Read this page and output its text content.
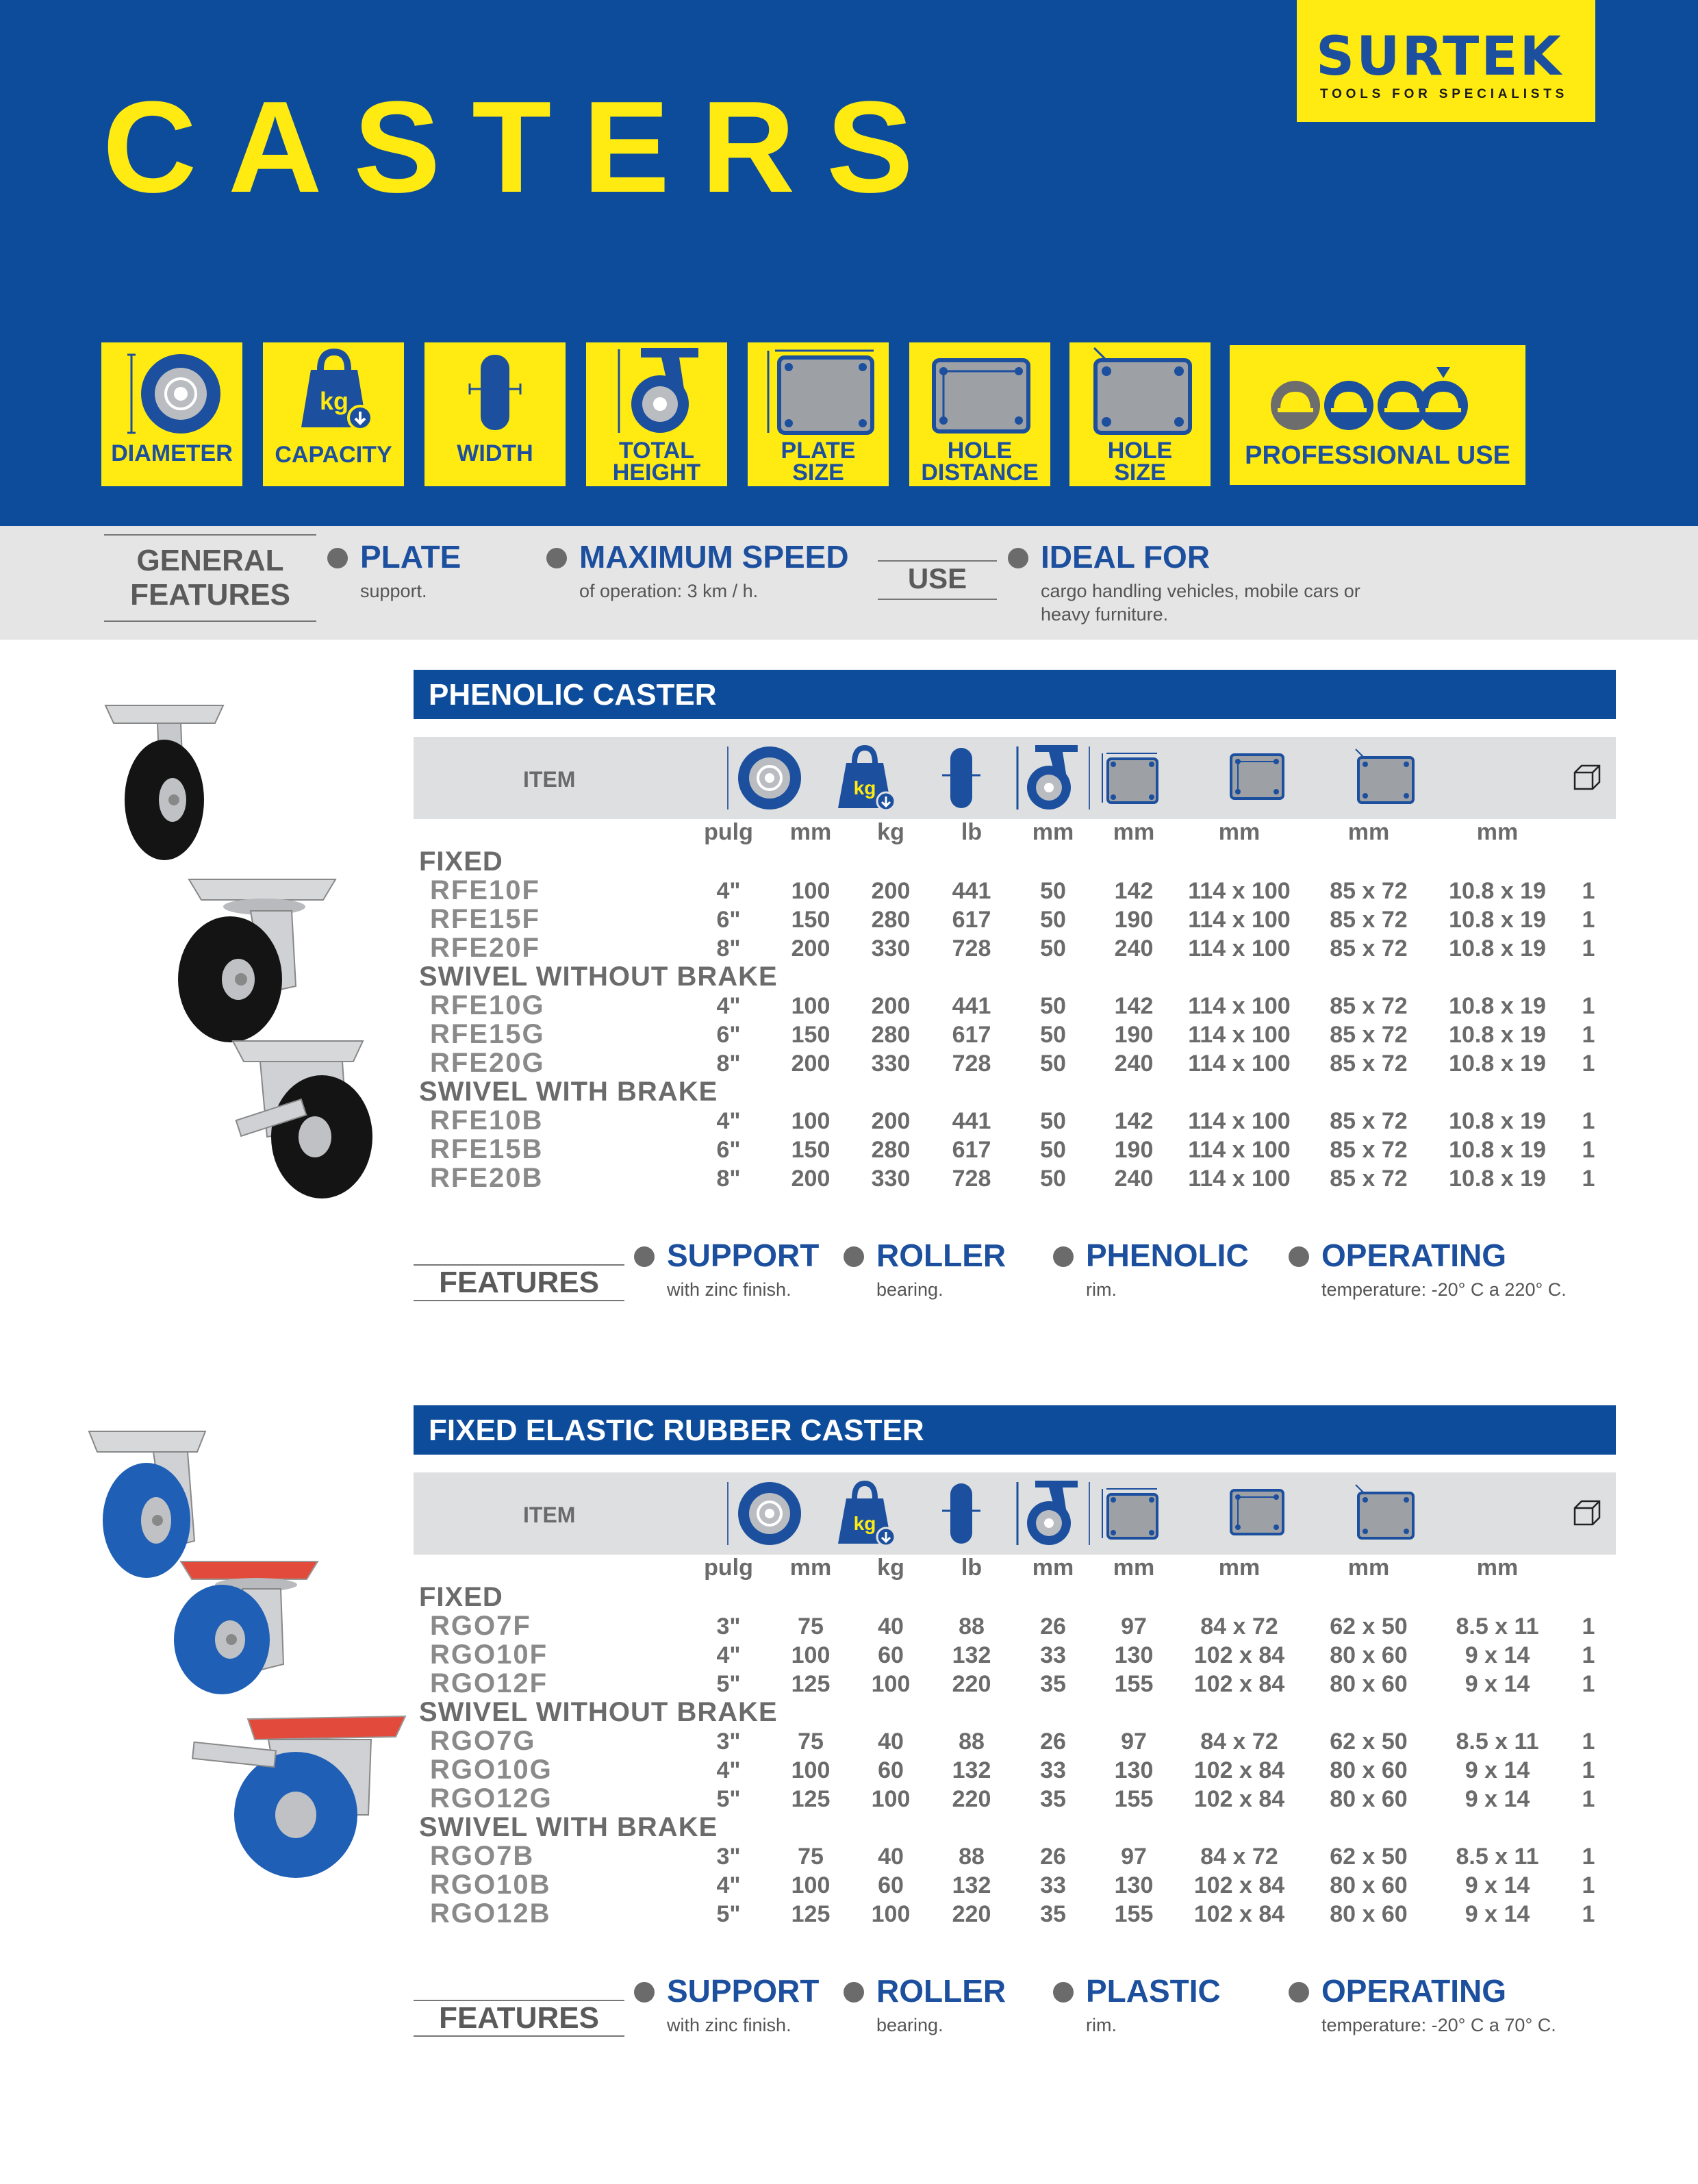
CASTERS
SURTEK
TOOLS FOR SPECIALISTS
DIAMETER
kg
CAPACITY	WIDTH	TOTAL
HEIGHT
PLATE
SIZE
HOLE
DISTANCE
HOLE
SIZE
PROFESSIONAL USE
GENERAL
FEATURES
PLATE
support.
MAXIMUM SPEED
of operation: 3 km / h.	USE
IDEAL FOR
cargo handling vehicles, mobile cars or
heavy furniture.
PHENOLIC CASTER
ITEM	kg
pulg	mm	kg	lb	mm	mm	mm	mm	mm
FIXED
RFE10F	4"	100	200	441	50	142	114 x 100	85 x 72	10.8 x 19	1
RFE15F	6"	150	280	617	50	190	114 x 100	85 x 72	10.8 x 19	1
RFE20F	8"	200	330	728	50	240	114 x 100	85 x 72	10.8 x 19	1
SWIVEL WITHOUT BRAKE
RFE10G	4"	100	200	441	50	142	114 x 100	85 x 72	10.8 x 19	1
RFE15G	6"	150	280	617	50	190	114 x 100	85 x 72	10.8 x 19	1
RFE20G	8"	200	330	728	50	240	114 x 100	85 x 72	10.8 x 19	1
SWIVEL WITH BRAKE
RFE10B	4"	100	200	441	50	142	114 x 100	85 x 72	10.8 x 19	1
RFE15B	6"	150	280	617	50	190	114 x 100	85 x 72	10.8 x 19	1
RFE20B	8"	200	330	728	50	240	114 x 100	85 x 72	10.8 x 19	1
FEATURES
SUPPORT
with zinc finish.
ROLLER
bearing.
PHENOLIC
rim.
OPERATING
temperature: -20° C a 220° C.
FIXED ELASTIC RUBBER CASTER
ITEM	kg
pulg	mm	kg	lb	mm	mm	mm	mm	mm
FIXED
RGO7F	3"	75	40	88	26	97	84 x 72	62 x 50	8.5 x 11	1
RGO10F	4"	100	60	132	33	130	102 x 84	80 x 60	9 x 14	1
RGO12F	5"	125	100	220	35	155	102 x 84	80 x 60	9 x 14	1
SWIVEL WITHOUT BRAKE
RGO7G	3"	75	40	88	26	97	84 x 72	62 x 50	8.5 x 11	1
RGO10G	4"	100	60	132	33	130	102 x 84	80 x 60	9 x 14	1
RGO12G	5"	125	100	220	35	155	102 x 84	80 x 60	9 x 14	1
SWIVEL WITH BRAKE
RGO7B	3"	75	40	88	26	97	84 x 72	62 x 50	8.5 x 11	1
RGO10B	4"	100	60	132	33	130	102 x 84	80 x 60	9 x 14	1
RGO12B	5"	125	100	220	35	155	102 x 84	80 x 60	9 x 14	1
FEATURES
SUPPORT
with zinc finish.
ROLLER
bearing.
PLASTIC
rim.
OPERATING
temperature: -20° C a 70° C.
